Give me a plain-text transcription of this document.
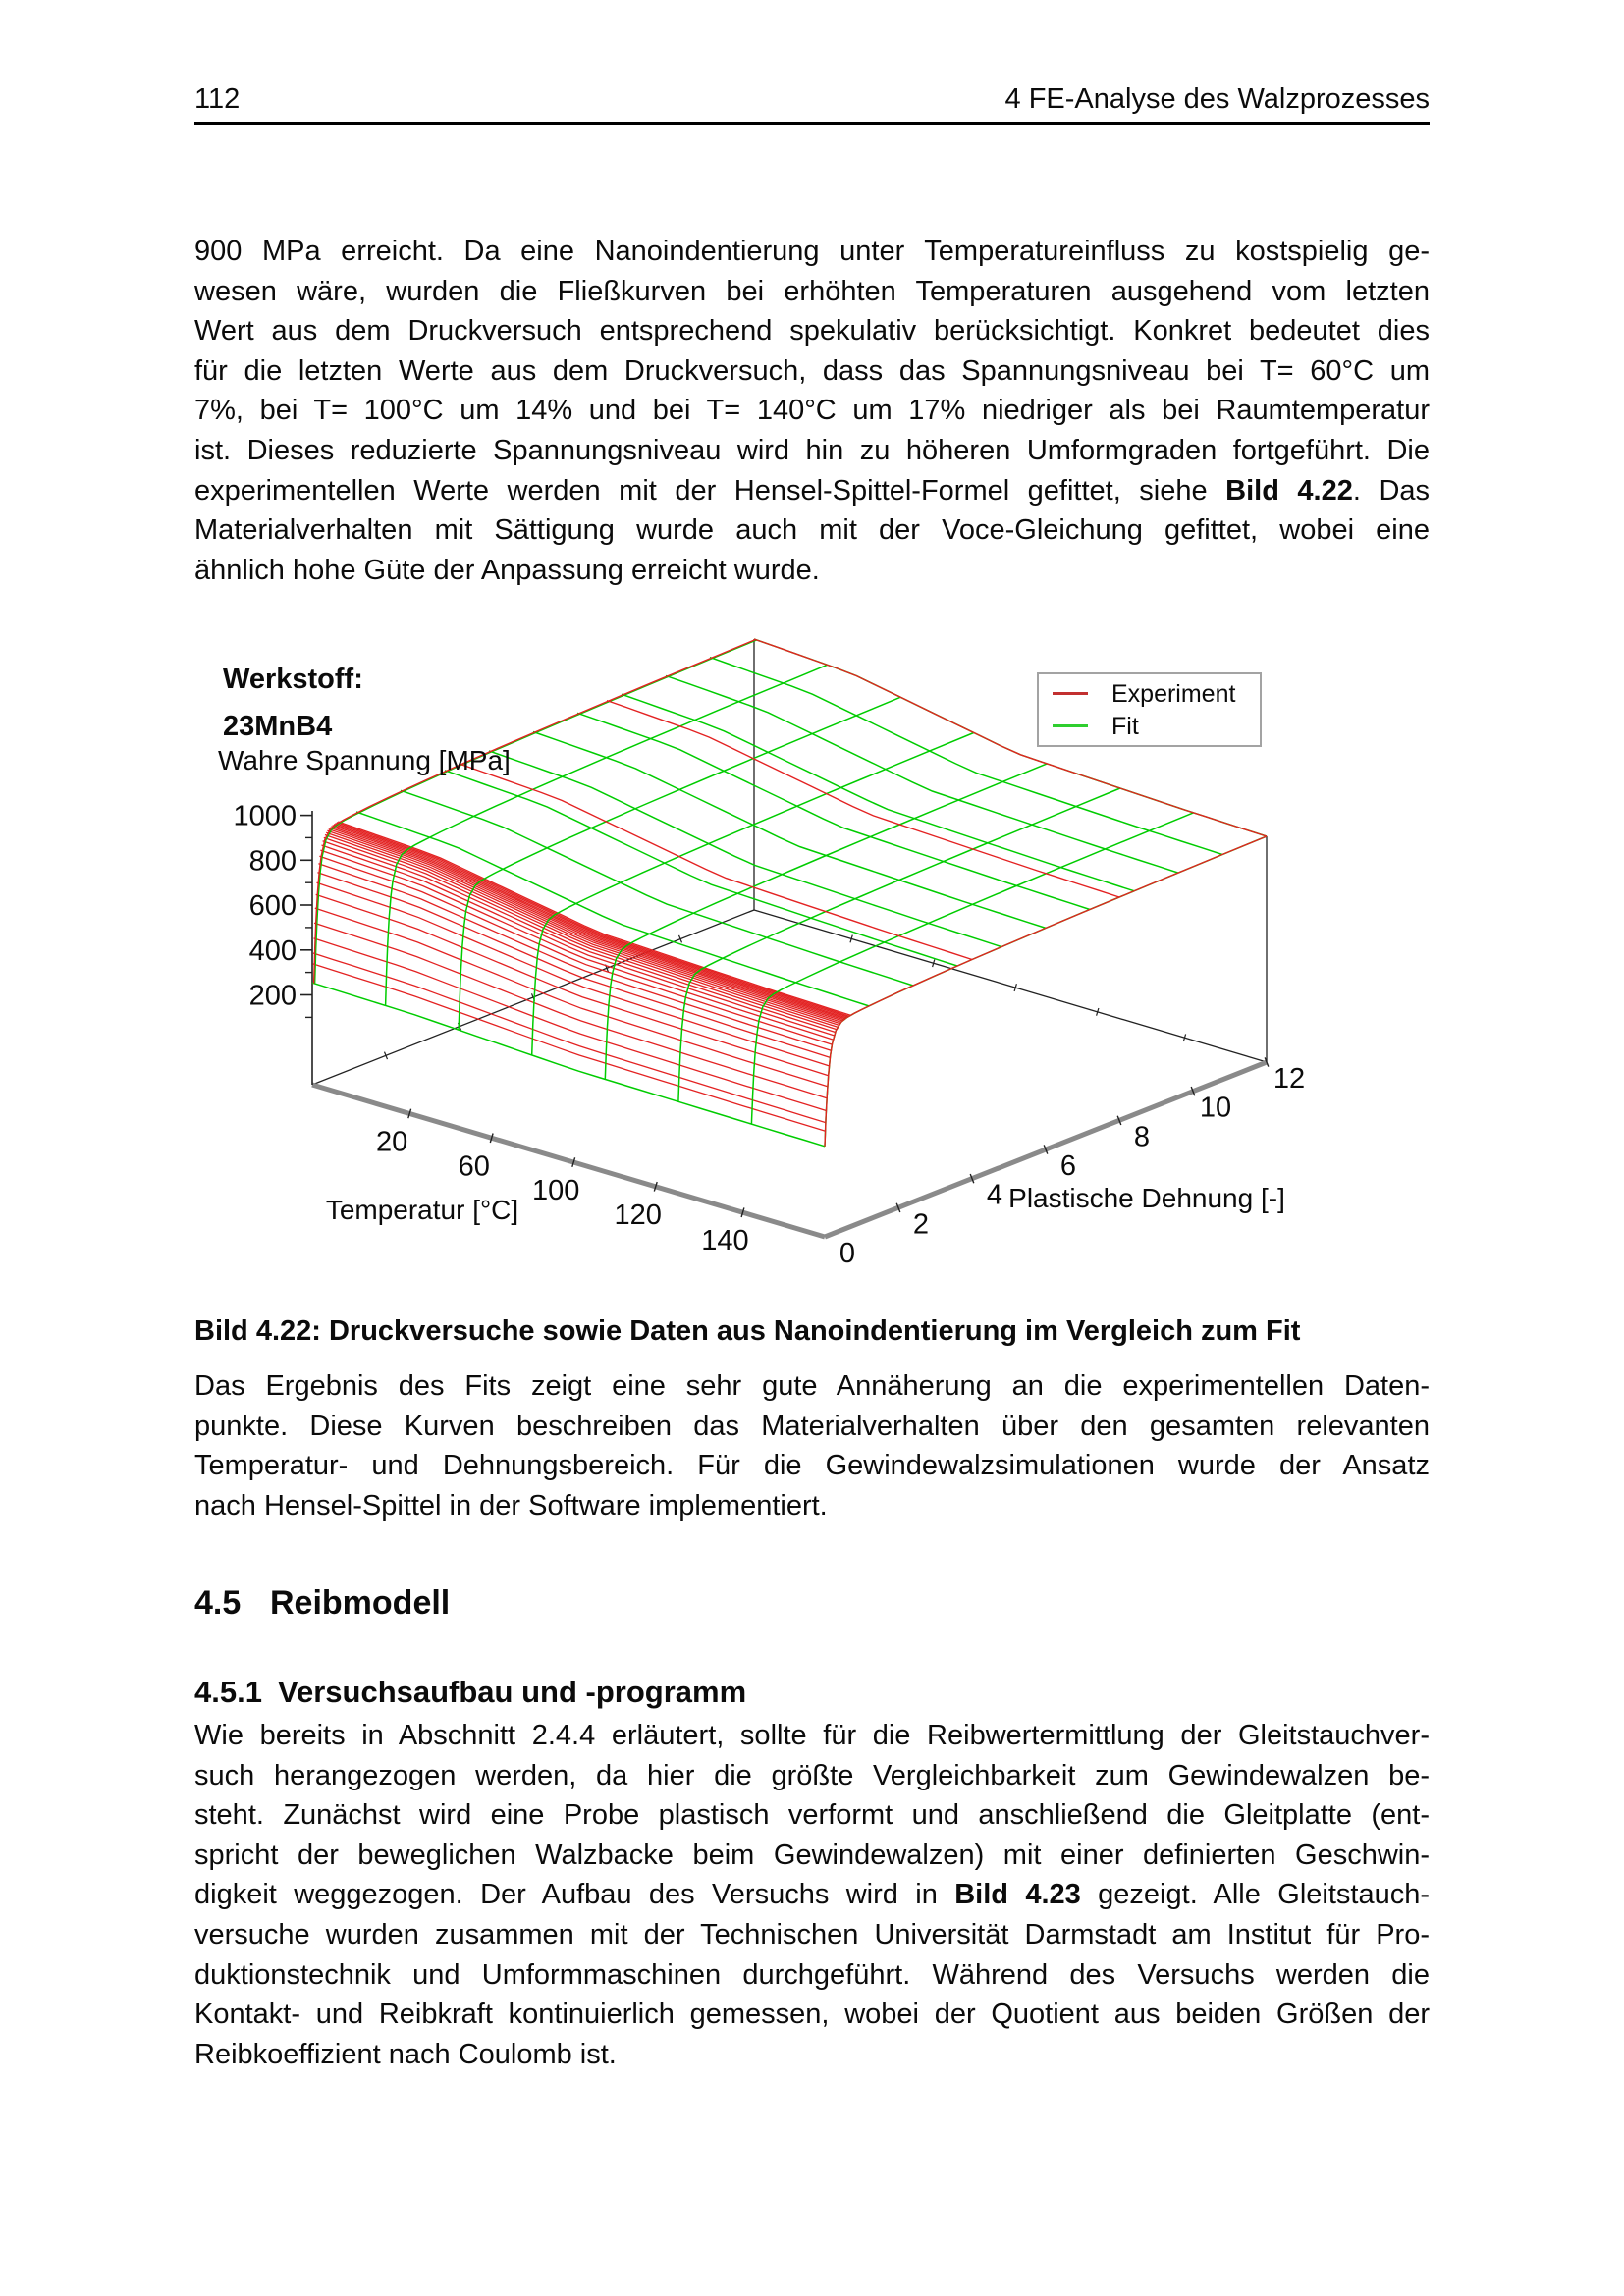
112	4 FE-Analyse des Walzprozesses
900 MPa erreicht. Da eine Nanoindentierung unter Temperatureinfluss zu kostspielig ge-
wesen wäre, wurden die Fließkurven bei erhöhten Temperaturen ausgehend vom letzten
Wert aus dem Druckversuch entsprechend spekulativ berücksichtigt. Konkret bedeutet dies
für die letzten Werte aus dem Druckversuch, dass das Spannungsniveau bei T= 60°C um
7%, bei T= 100°C um 14% und bei T= 140°C um 17% niedriger als bei Raumtemperatur
ist. Dieses reduzierte Spannungsniveau wird hin zu höheren Umformgraden fortgeführt. Die
experimentellen Werte werden mit der Hensel-Spittel-Formel gefittet, siehe Bild 4.22. Das
Materialverhalten mit Sättigung wurde auch mit der Voce-Gleichung gefittet, wobei eine
ähnlich hohe Güte der Anpassung erreicht wurde.
200
400
600
800
1000
20
60
100
120
140	0
2
4
6
8
10
12
Temperatur [°C]	Plastische Dehnung [-]
Wahre Spannung [MPa]
Werkstoff:
23MnB4
Experiment
Fit
Bild 4.22: Druckversuche sowie Daten aus Nanoindentierung im Vergleich zum Fit
Das Ergebnis des Fits zeigt eine sehr gute Annäherung an die experimentellen Daten-
punkte. Diese Kurven beschreiben das Materialverhalten über den gesamten relevanten
Temperatur- und Dehnungsbereich. Für die Gewindewalzsimulationen wurde der Ansatz
nach Hensel-Spittel in der Software implementiert.
4.5 Reibmodell
4.5.1 Versuchsaufbau und -programm
Wie bereits in Abschnitt 2.4.4 erläutert, sollte für die Reibwertermittlung der Gleitstauchver-
such herangezogen werden, da hier die größte Vergleichbarkeit zum Gewindewalzen be-
steht. Zunächst wird eine Probe plastisch verformt und anschließend die Gleitplatte (ent-
spricht der beweglichen Walzbacke beim Gewindewalzen) mit einer definierten Geschwin-
digkeit weggezogen. Der Aufbau des Versuchs wird in Bild 4.23 gezeigt. Alle Gleitstauch-
versuche wurden zusammen mit der Technischen Universität Darmstadt am Institut für Pro-
duktionstechnik und Umformmaschinen durchgeführt. Während des Versuchs werden die
Kontakt- und Reibkraft kontinuierlich gemessen, wobei der Quotient aus beiden Größen der
Reibkoeffizient nach Coulomb ist.
